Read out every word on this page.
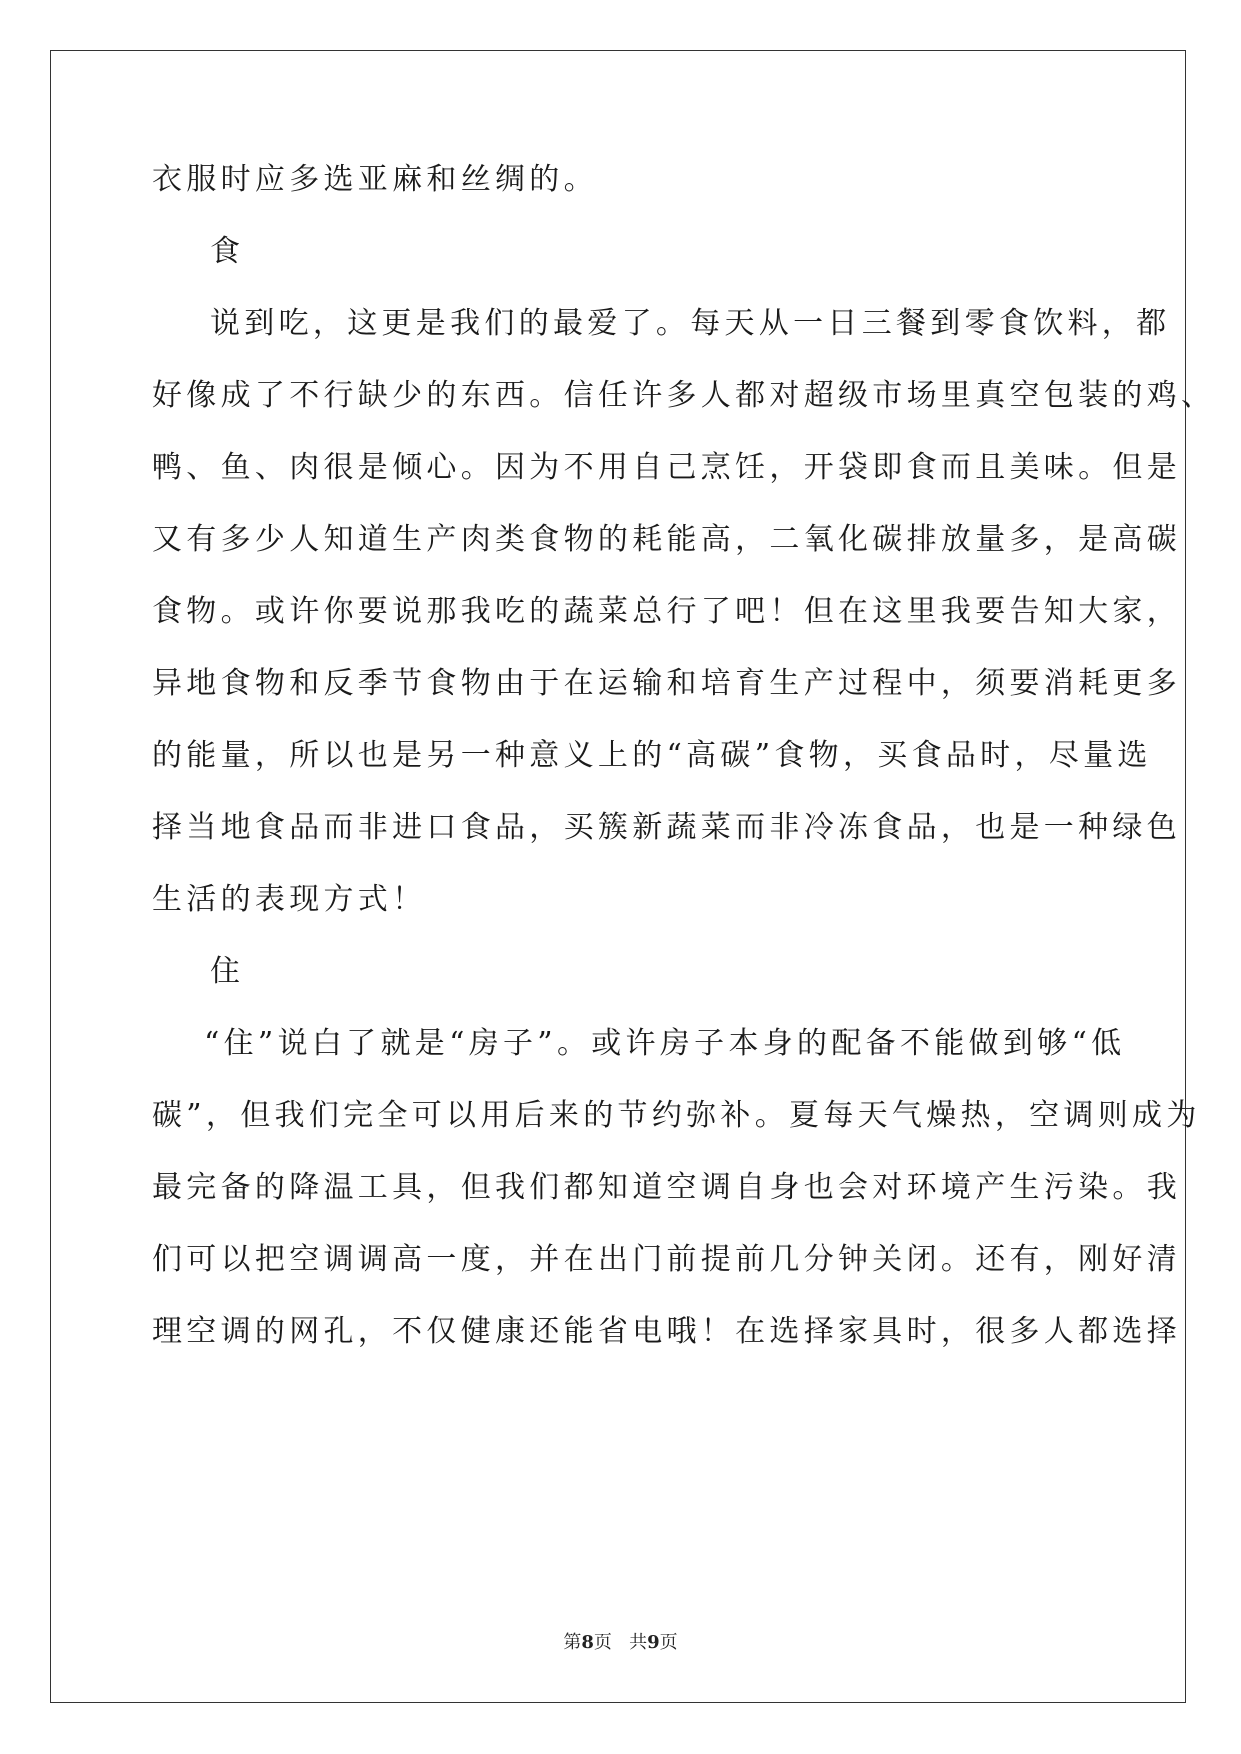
衣服时应多选亚麻和丝绸的。
食
说到吃，这更是我们的最爱了。每天从一日三餐到零食饮料，都
好像成了不行缺少的东西。信任许多人都对超级市场里真空包装的鸡、
鸭、鱼、肉很是倾心。因为不用自己烹饪，开袋即食而且美味。但是
又有多少人知道生产肉类食物的耗能高，二氧化碳排放量多，是高碳
食物。或许你要说那我吃的蔬菜总行了吧！但在这里我要告知大家，
异地食物和反季节食物由于在运输和培育生产过程中，须要消耗更多
的能量，所以也是另一种意义上的“高碳”食物，买食品时，尽量选
择当地食品而非进口食品，买簇新蔬菜而非冷冻食品，也是一种绿色
生活的表现方式！
住
“住”说白了就是“房子”。或许房子本身的配备不能做到够“低
碳”，但我们完全可以用后来的节约弥补。夏每天气燥热，空调则成为
最完备的降温工具，但我们都知道空调自身也会对环境产生污染。我
们可以把空调调高一度，并在出门前提前几分钟关闭。还有，刚好清
理空调的网孔，不仅健康还能省电哦！在选择家具时，很多人都选择
第8页 共9页
